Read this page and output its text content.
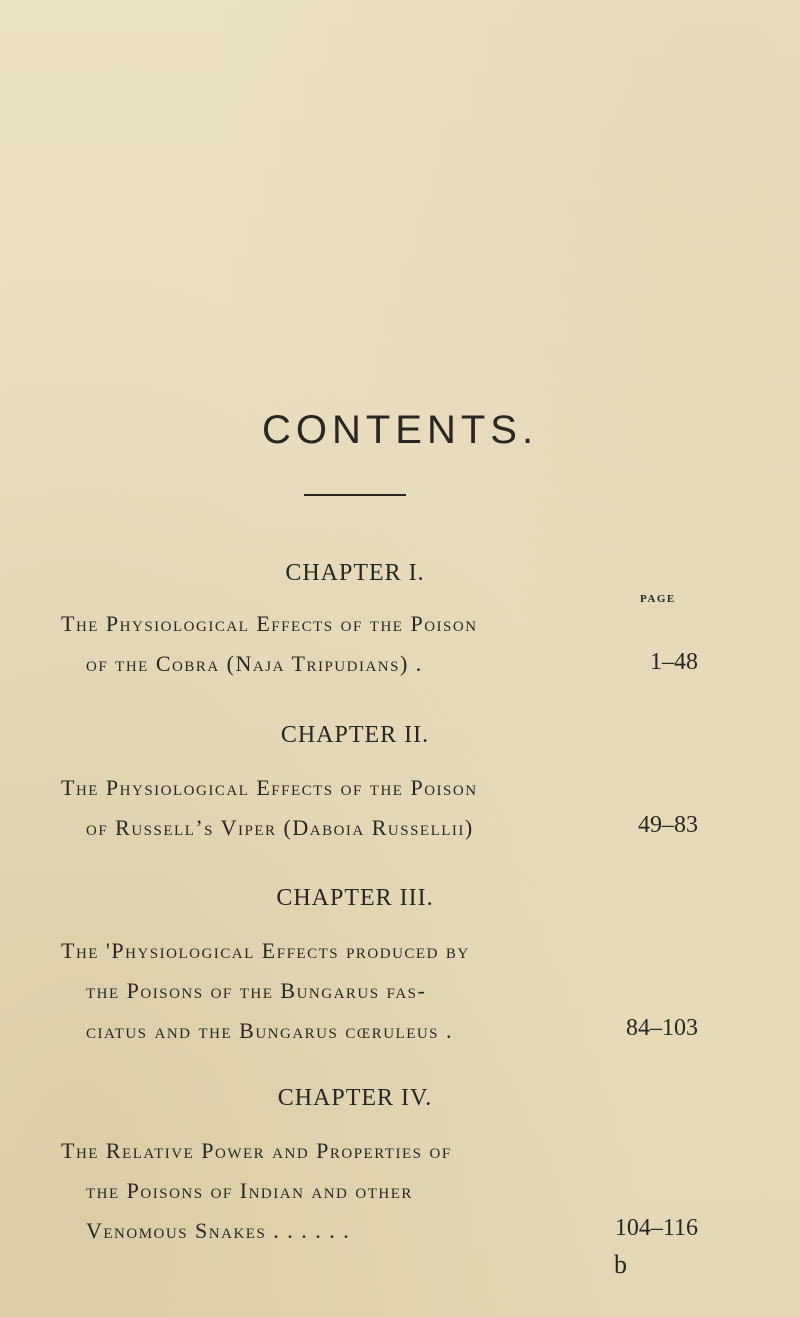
CONTENTS.
PAGE
CHAPTER I.
The Physiological Effects of the Poison
of the Cobra (Naja Tripudians) .	1–48
CHAPTER II.
The Physiological Effects of the Poison
of Russell’s Viper (Daboia Russellii)	49–83
CHAPTER III.
The 'Physiological Effects produced by
the Poisons of the Bungarus fas-
ciatus and the Bungarus cœruleus .	84–103
CHAPTER IV.
The Relative Power and Properties of
the Poisons of Indian and other
Venomous Snakes . . . . . .	104–116
b
